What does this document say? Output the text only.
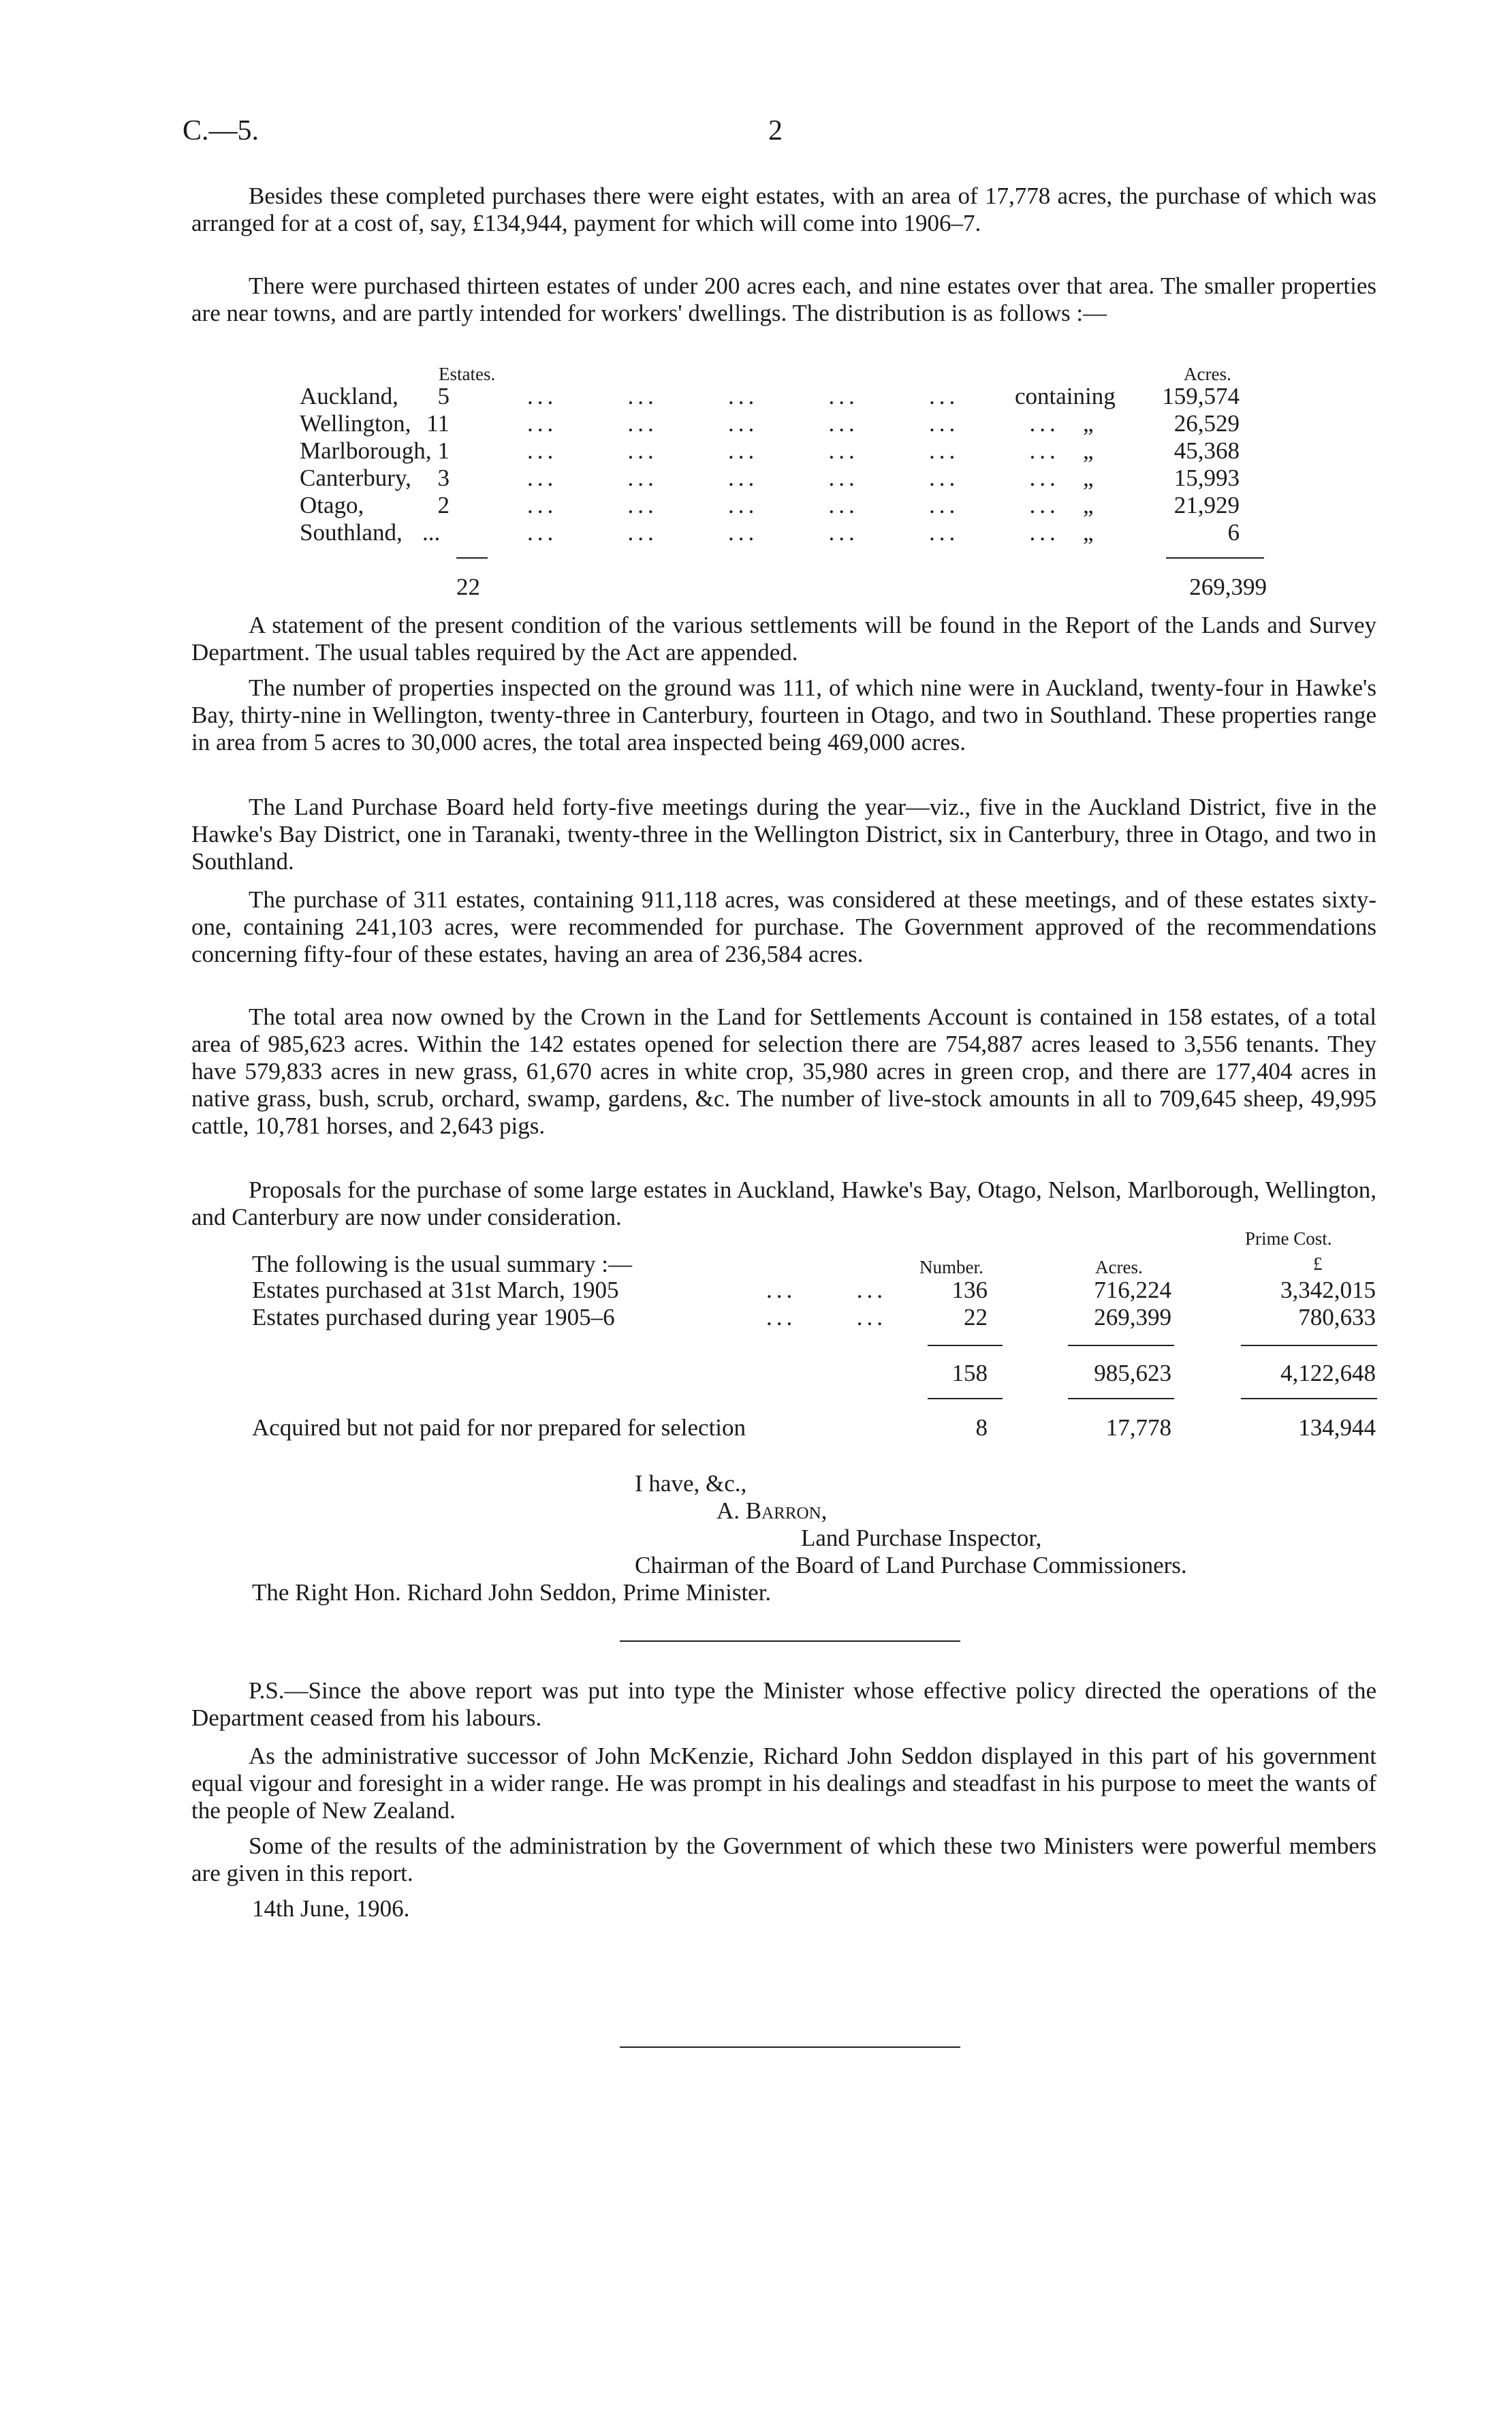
C.—5.	2
Besides these completed purchases there were eight estates, with an area of 17,778 acres, the purchase of which was arranged for at a cost of, say, £134,944, payment for which will come into 1906–7.
There were purchased thirteen estates of under 200 acres each, and nine estates over that area. The smaller properties are near towns, and are partly intended for workers' dwellings. The distribution is as follows :—
Estates.	Acres.
Auckland,	5	...       ...       ...       ...       ... containing	159,574
Wellington, 11	...       ...       ...       ...       ...       ... „	26,529
Marlborough, 1	...       ...       ...       ...       ...       ... „	45,368
Canterbury,	3	...       ...       ...       ...       ...       ... „	15,993
Otago,	2	...       ...       ...       ...       ...       ... „	21,929
Southland, ...	...       ...       ...       ...       ...       ... „	6
22	269,399
A statement of the present condition of the various settlements will be found in the Report of the Lands and Survey Department. The usual tables required by the Act are appended.
The number of properties inspected on the ground was 111, of which nine were in Auckland, twenty-four in Hawke's Bay, thirty-nine in Wellington, twenty-three in Canterbury, fourteen in Otago, and two in Southland. These properties range in area from 5 acres to 30,000 acres, the total area inspected being 469,000 acres.
The Land Purchase Board held forty-five meetings during the year—viz., five in the Auckland District, five in the Hawke's Bay District, one in Taranaki, twenty-three in the Wellington District, six in Canterbury, three in Otago, and two in Southland.
The purchase of 311 estates, containing 911,118 acres, was considered at these meetings, and of these estates sixty-one, containing 241,103 acres, were recommended for purchase. The Government approved of the recommendations concerning fifty-four of these estates, having an area of 236,584 acres.
The total area now owned by the Crown in the Land for Settlements Account is contained in 158 estates, of a total area of 985,623 acres. Within the 142 estates opened for selection there are 754,887 acres leased to 3,556 tenants. They have 579,833 acres in new grass, 61,670 acres in white crop, 35,980 acres in green crop, and there are 177,404 acres in native grass, bush, scrub, orchard, swamp, gardens, &c. The number of live-stock amounts in all to 709,645 sheep, 49,995 cattle, 10,781 horses, and 2,643 pigs.
Proposals for the purchase of some large estates in Auckland, Hawke's Bay, Otago, Nelson, Marlborough, Wellington, and Canterbury are now under consideration.
Prime Cost.
The following is the usual summary :—	Number.	Acres.	£
Estates purchased at 31st March, 1905	...      ...	136	716,224	3,342,015
Estates purchased during year 1905–6	...      ...	22	269,399	780,633
158	985,623	4,122,648
Acquired but not paid for nor prepared for selection	8	17,778	134,944
I have, &c.,
A. Barron,
Land Purchase Inspector,
Chairman of the Board of Land Purchase Commissioners.
The Right Hon. Richard John Seddon, Prime Minister.
P.S.—Since the above report was put into type the Minister whose effective policy directed the operations of the Department ceased from his labours.
As the administrative successor of John McKenzie, Richard John Seddon displayed in this part of his government equal vigour and foresight in a wider range. He was prompt in his dealings and steadfast in his purpose to meet the wants of the people of New Zealand.
Some of the results of the administration by the Government of which these two Ministers were powerful members are given in this report.
14th June, 1906.
